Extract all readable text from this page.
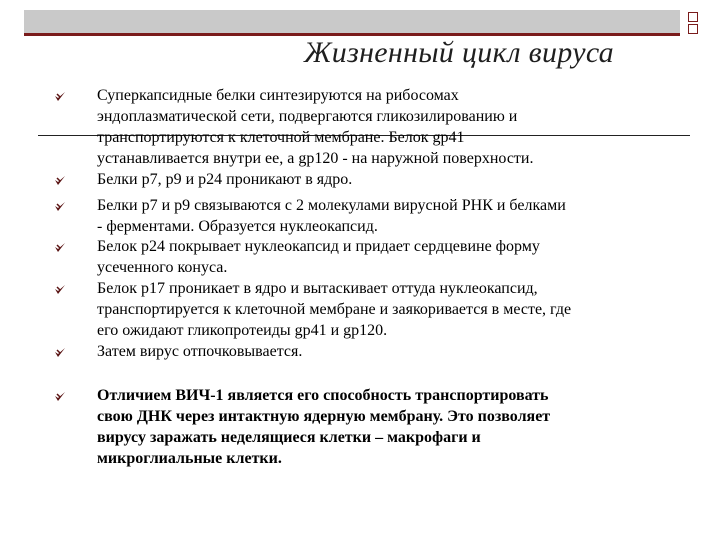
Жизненный цикл вируса
Суперкапсидные белки синтезируются на рибосомах
эндоплазматической сети, подвергаются гликозилированию и
транспортируются к клеточной мембране. Белок gp41
устанавливается внутри ее, а gp120 - на наружной поверхности.
Белки p7, p9 и p24 проникают в ядро.
Белки p7 и p9 связываются с 2 молекулами вирусной РНК и белками
- ферментами. Образуется нуклеокапсид.
Белок p24 покрывает нуклеокапсид и придает сердцевине форму
усеченного конуса.
Белок p17 проникает в ядро и вытаскивает оттуда нуклеокапсид,
транспортируется к клеточной мембране и заякоривается в месте, где
его ожидают гликопротеиды gp41 и gp120.
Затем вирус отпочковывается.
Отличием ВИЧ-1 является его способность транспортировать
свою ДНК через интактную ядерную мембрану. Это позволяет
вирусу заражать неделящиеся клетки – макрофаги и
микроглиальные клетки.
